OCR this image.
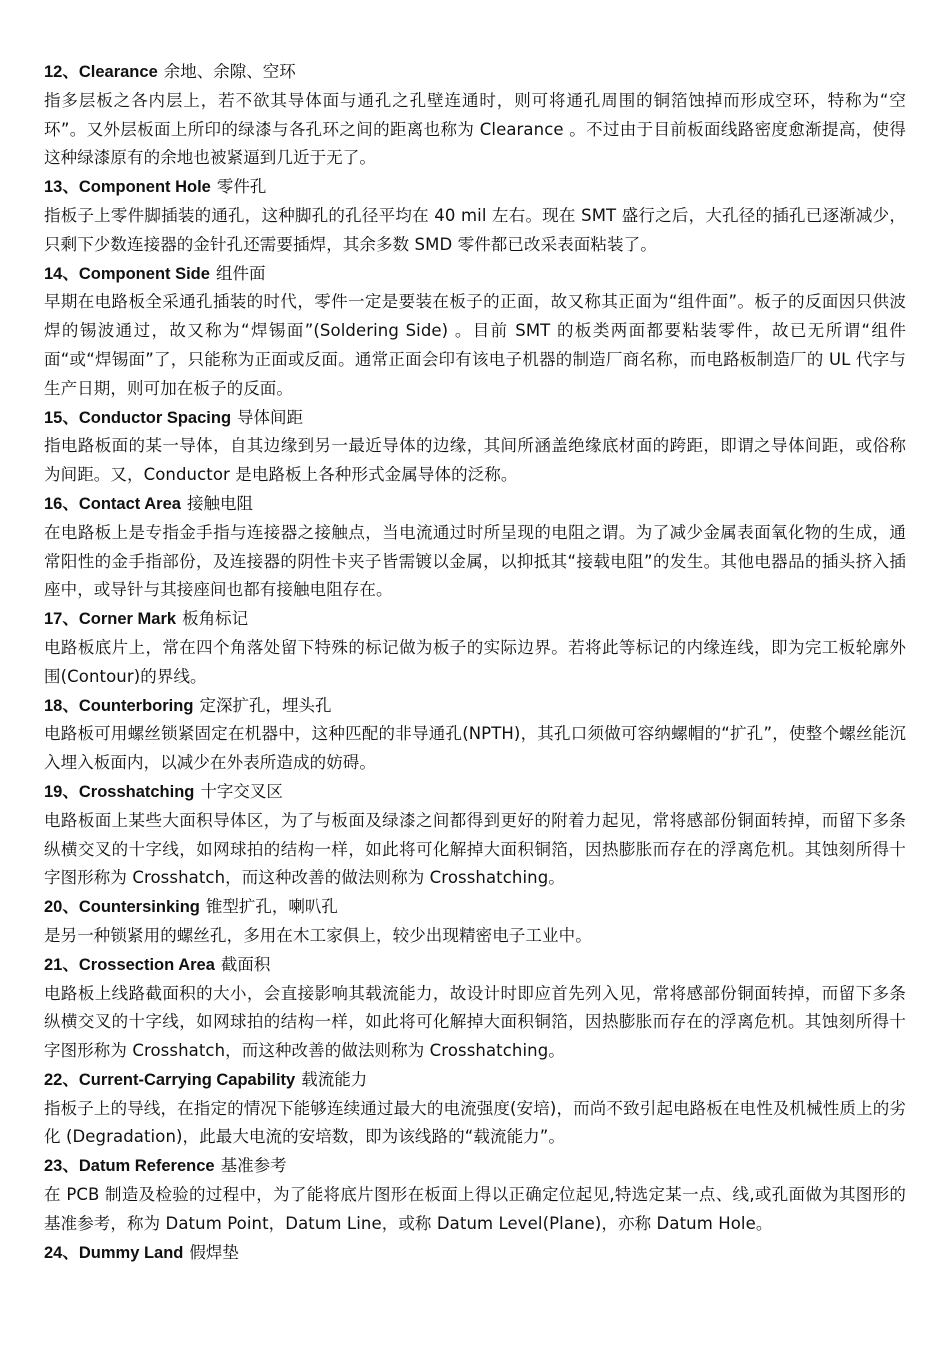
12、Clearance 余地、余隙、空环

指多层板之各内层上，若不欲其导体面与通孔之孔壁连通时，则可将通孔周围的铜箔蚀掉而形成空环，特称为“空环”。又外层板面上所印的绿漆与各孔环之间的距离也称为 Clearance 。不过由于目前板面线路密度愈渐提高，使得这种绿漆原有的余地也被紧逼到几近于无了。

13、Component Hole 零件孔

指板子上零件脚插装的通孔，这种脚孔的孔径平均在 40 mil 左右。现在 SMT 盛行之后，大孔径的插孔已逐渐减少，只剩下少数连接器的金针孔还需要插焊，其余多数 SMD 零件都已改采表面粘装了。

14、Component Side 组件面

早期在电路板全采通孔插装的时代，零件一定是要装在板子的正面，故又称其正面为“组件面”。板子的反面因只供波焊的锡波通过，故又称为“焊锡面”(Soldering Side) 。目前 SMT 的板类两面都要粘装零件，故已无所谓“组件面“或“焊锡面”了，只能称为正面或反面。通常正面会印有该电子机器的制造厂商名称，而电路板制造厂的 UL 代字与生产日期，则可加在板子的反面。

15、Conductor Spacing 导体间距

指电路板面的某一导体，自其边缘到另一最近导体的边缘，其间所涵盖绝缘底材面的跨距，即谓之导体间距，或俗称为间距。又，Conductor 是电路板上各种形式金属导体的泛称。

16、Contact Area 接触电阻

在电路板上是专指金手指与连接器之接触点，当电流通过时所呈现的电阻之谓。为了减少金属表面氧化物的生成，通常阳性的金手指部份，及连接器的阴性卡夹子皆需镀以金属，以抑抵其“接载电阻”的发生。其他电器品的插头挤入插座中，或导针与其接座间也都有接触电阻存在。

17、Corner Mark 板角标记

电路板底片上，常在四个角落处留下特殊的标记做为板子的实际边界。若将此等标记的内缘连线，即为完工板轮廓外围(Contour)的界线。

18、Counterboring 定深扩孔，埋头孔

电路板可用螺丝锁紧固定在机器中，这种匹配的非导通孔(NPTH)，其孔口须做可容纳螺帽的“扩孔”，使整个螺丝能沉入埋入板面内，以减少在外表所造成的妨碍。

19、Crosshatching 十字交叉区

电路板面上某些大面积导体区，为了与板面及绿漆之间都得到更好的附着力起见，常将感部份铜面转掉，而留下多条纵横交叉的十字线，如网球拍的结构一样，如此将可化解掉大面积铜箔，因热膨胀而存在的浮离危机。其蚀刻所得十字图形称为 Crosshatch，而这种改善的做法则称为 Crosshatching。

20、Countersinking 锥型扩孔，喇叭孔

是另一种锁紧用的螺丝孔，多用在木工家俱上，较少出现精密电子工业中。

21、Crossection Area 截面积

电路板上线路截面积的大小，会直接影响其载流能力，故设计时即应首先列入见，常将感部份铜面转掉，而留下多条纵横交叉的十字线，如网球拍的结构一样，如此将可化解掉大面积铜箔，因热膨胀而存在的浮离危机。其蚀刻所得十字图形称为 Crosshatch，而这种改善的做法则称为 Crosshatching。

22、Current-Carrying Capability 载流能力

指板子上的导线，在指定的情况下能够连续通过最大的电流强度(安培)，而尚不致引起电路板在电性及机械性质上的劣化 (Degradation)，此最大电流的安培数，即为该线路的“载流能力”。

23、Datum Reference 基准参考

在 PCB 制造及检验的过程中，为了能将底片图形在板面上得以正确定位起见,特选定某一点、线,或孔面做为其图形的基准参考，称为 Datum Point，Datum Line，或称 Datum Level(Plane)，亦称 Datum Hole。

24、Dummy Land 假焊垫
